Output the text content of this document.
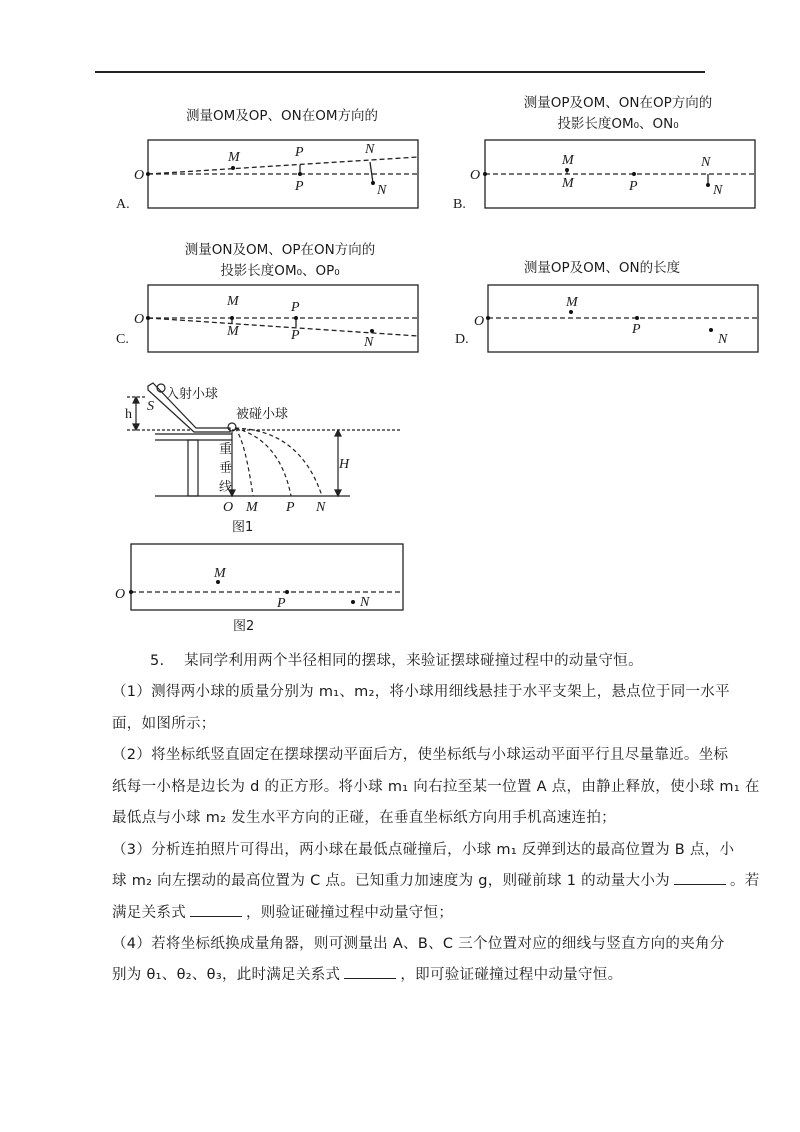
测量OM及OP、ON在OM方向的
测量OP及OM、ON在OP方向的
投影长度OM₀、ON₀
测量ON及OM、OP在ON方向的
投影长度OM₀、OP₀	测量OP及OM、ON的长度
A.	B.
C.	D.
O
M	P
P
N
N
O
M
M	P
N
N
O
M
M
P
P	N
O
M
P
N
S
h
H
入射小球
被碰小球
重
垂
线
O M P N
图1
O
M
P	N
图2
5. 某同学利用两个半径相同的摆球，来验证摆球碰撞过程中的动量守恒。
（1）测得两小球的质量分别为 m₁、m₂，将小球用细线悬挂于水平支架上，悬点位于同一水平
面，如图所示；
（2）将坐标纸竖直固定在摆球摆动平面后方，使坐标纸与小球运动平面平行且尽量靠近。坐标
纸每一小格是边长为 d 的正方形。将小球 m₁ 向右拉至某一位置 A 点，由静止释放，使小球 m₁ 在
最低点与小球 m₂ 发生水平方向的正碰，在垂直坐标纸方向用手机高速连拍；
（3）分析连拍照片可得出，两小球在最低点碰撞后，小球 m₁ 反弹到达的最高位置为 B 点，小
球 m₂ 向左摆动的最高位置为 C 点。已知重力加速度为 g，则碰前球 1 的动量大小为	。若
满足关系式	，则验证碰撞过程中动量守恒；
（4）若将坐标纸换成量角器，则可测量出 A、B、C 三个位置对应的细线与竖直方向的夹角分
别为 θ₁、θ₂、θ₃，此时满足关系式	，即可验证碰撞过程中动量守恒。
